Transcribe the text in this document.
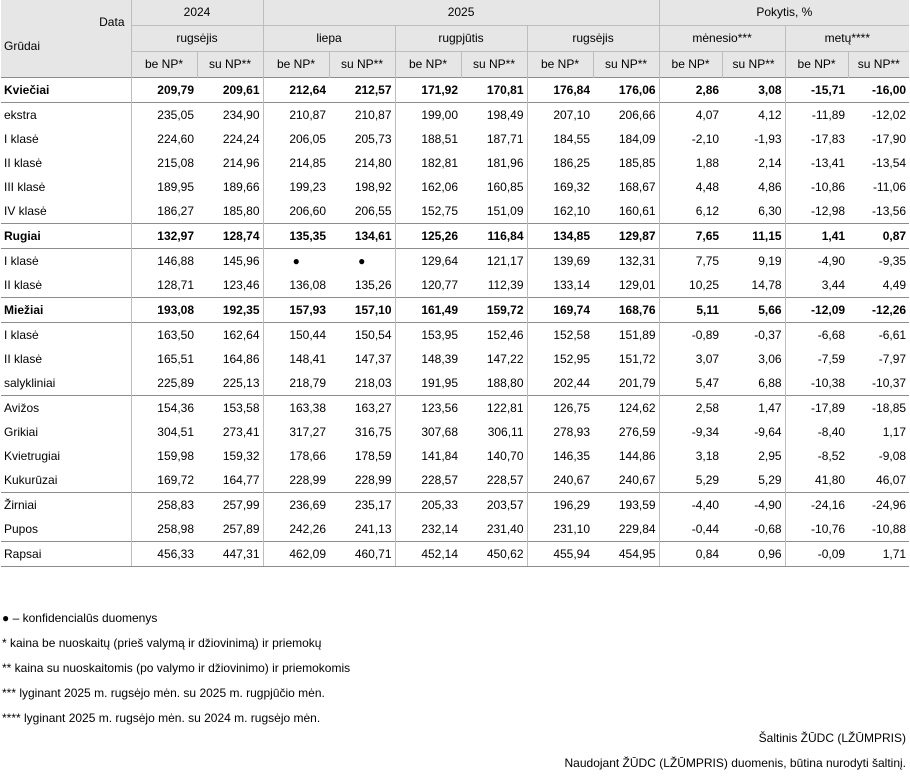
Data
Grūdai	2024		2025						Pokytis, %			
	rugsėjis		liepa		rugpjūtis		rugsėjis		mėnesio***		metų****	
	be NP*	su NP**	be NP*	su NP**	be NP*	su NP**	be NP*	su NP**	be NP*	su NP**	be NP*	su NP**
Kviečiai	209,79	209,61	212,64	212,57	171,92	170,81	176,84	176,06	2,86	3,08	-15,71	-16,00
ekstra	235,05	234,90	210,87	210,87	199,00	198,49	207,10	206,66	4,07	4,12	-11,89	-12,02
I klasė	224,60	224,24	206,05	205,73	188,51	187,71	184,55	184,09	-2,10	-1,93	-17,83	-17,90
II klasė	215,08	214,96	214,85	214,80	182,81	181,96	186,25	185,85	1,88	2,14	-13,41	-13,54
III klasė	189,95	189,66	199,23	198,92	162,06	160,85	169,32	168,67	4,48	4,86	-10,86	-11,06
IV klasė	186,27	185,80	206,60	206,55	152,75	151,09	162,10	160,61	6,12	6,30	-12,98	-13,56
Rugiai	132,97	128,74	135,35	134,61	125,26	116,84	134,85	129,87	7,65	11,15	1,41	0,87
I klasė	146,88	145,96	●	●	129,64	121,17	139,69	132,31	7,75	9,19	-4,90	-9,35
II klasė	128,71	123,46	136,08	135,26	120,77	112,39	133,14	129,01	10,25	14,78	3,44	4,49
Miežiai	193,08	192,35	157,93	157,10	161,49	159,72	169,74	168,76	5,11	5,66	-12,09	-12,26
I klasė	163,50	162,64	150,44	150,54	153,95	152,46	152,58	151,89	-0,89	-0,37	-6,68	-6,61
II klasė	165,51	164,86	148,41	147,37	148,39	147,22	152,95	151,72	3,07	3,06	-7,59	-7,97
salykliniai	225,89	225,13	218,79	218,03	191,95	188,80	202,44	201,79	5,47	6,88	-10,38	-10,37
Avižos	154,36	153,58	163,38	163,27	123,56	122,81	126,75	124,62	2,58	1,47	-17,89	-18,85
Grikiai	304,51	273,41	317,27	316,75	307,68	306,11	278,93	276,59	-9,34	-9,64	-8,40	1,17
Kvietrugiai	159,98	159,32	178,66	178,59	141,84	140,70	146,35	144,86	3,18	2,95	-8,52	-9,08
Kukurūzai	169,72	164,77	228,99	228,99	228,57	228,57	240,67	240,67	5,29	5,29	41,80	46,07
Žirniai	258,83	257,99	236,69	235,17	205,33	203,57	196,29	193,59	-4,40	-4,90	-24,16	-24,96
Pupos	258,98	257,89	242,26	241,13	232,14	231,40	231,10	229,84	-0,44	-0,68	-10,76	-10,88
Rapsai	456,33	447,31	462,09	460,71	452,14	450,62	455,94	454,95	0,84	0,96	-0,09	1,71
● – konfidencialūs duomenys
* kaina be nuoskaitų (prieš valymą ir džiovinimą) ir priemokų
** kaina su nuoskaitomis (po valymo ir džiovinimo) ir priemokomis
*** lyginant 2025 m. rugsėjo mėn. su 2025 m. rugpjūčio mėn.
**** lyginant 2025 m. rugsėjo mėn. su 2024 m. rugsėjo mėn.
Šaltinis ŽŪDC (LŽŪMPRIS)
Naudojant ŽŪDC (LŽŪMPRIS) duomenis, būtina nurodyti šaltinį.
